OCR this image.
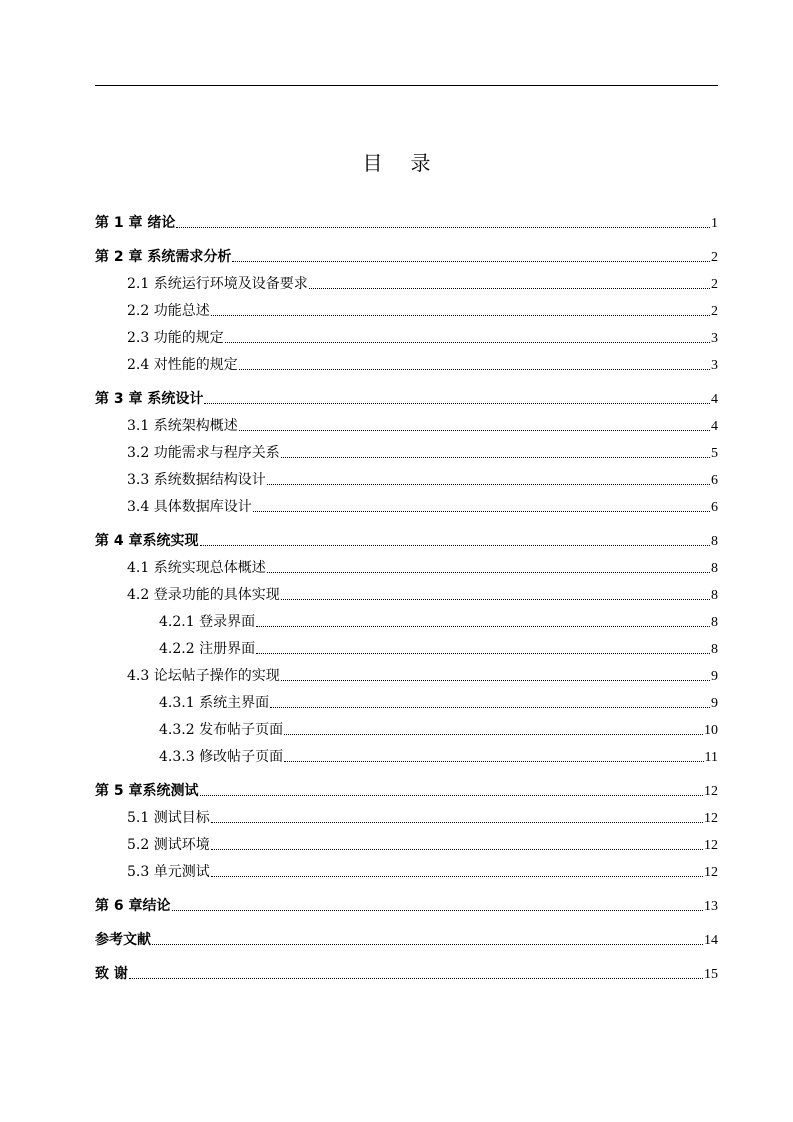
目 录
第 1 章 绪论	1
第 2 章 系统需求分析	2
2.1 系统运行环境及设备要求	2
2.2 功能总述	2
2.3 功能的规定	3
2.4 对性能的规定	3
第 3 章 系统设计	4
3.1 系统架构概述	4
3.2 功能需求与程序关系	5
3.3 系统数据结构设计	6
3.4 具体数据库设计	6
第 4 章系统实现	8
4.1 系统实现总体概述	8
4.2 登录功能的具体实现	8
4.2.1 登录界面	8
4.2.2 注册界面	8
4.3 论坛帖子操作的实现	9
4.3.1 系统主界面	9
4.3.2 发布帖子页面	10
4.3.3 修改帖子页面	11
第 5 章系统测试	12
5.1 测试目标	12
5.2 测试环境	12
5.3 单元测试	12
第 6 章结论	13
参考文献	14
致 谢	15
